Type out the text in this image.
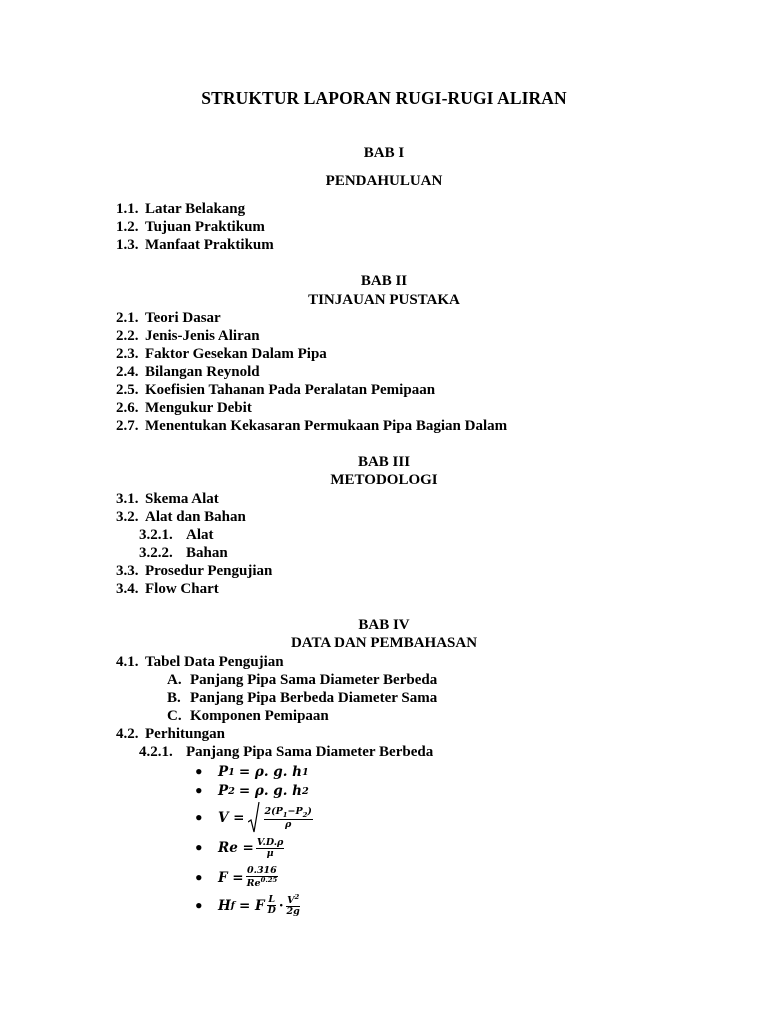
STRUKTUR LAPORAN RUGI-RUGI ALIRAN
BAB I
PENDAHULUAN
1.1. Latar Belakang
1.2. Tujuan Praktikum
1.3. Manfaat Praktikum
BAB II
TINJAUAN PUSTAKA
2.1. Teori Dasar
2.2. Jenis-Jenis Aliran
2.3. Faktor Gesekan Dalam Pipa
2.4. Bilangan Reynold
2.5. Koefisien Tahanan Pada Peralatan Pemipaan
2.6. Mengukur Debit
2.7. Menentukan Kekasaran Permukaan Pipa Bagian Dalam
BAB III
METODOLOGI
3.1. Skema Alat
3.2. Alat dan Bahan
3.2.1. Alat
3.2.2. Bahan
3.3. Prosedur Pengujian
3.4. Flow Chart
BAB IV
DATA DAN PEMBAHASAN
4.1. Tabel Data Pengujian
A. Panjang Pipa Sama Diameter Berbeda
B. Panjang Pipa Berbeda Diameter Sama
C. Komponen Pemipaan
4.2. Perhitungan
4.2.1. Panjang Pipa Sama Diameter Berbeda
•	P 1 = ρ. g. h 1
•	P 2 = ρ. g. h 2
•	$V = \frac{2(P_1-P_2)}{\rho}$
•	$Re = \frac{V.D.\rho}{\mu}$
•	$F = \frac{0.316}{Re^{0.25}}$
•	H f = F $\frac{L}{D} \cdot \frac{V^2}{2g}$
